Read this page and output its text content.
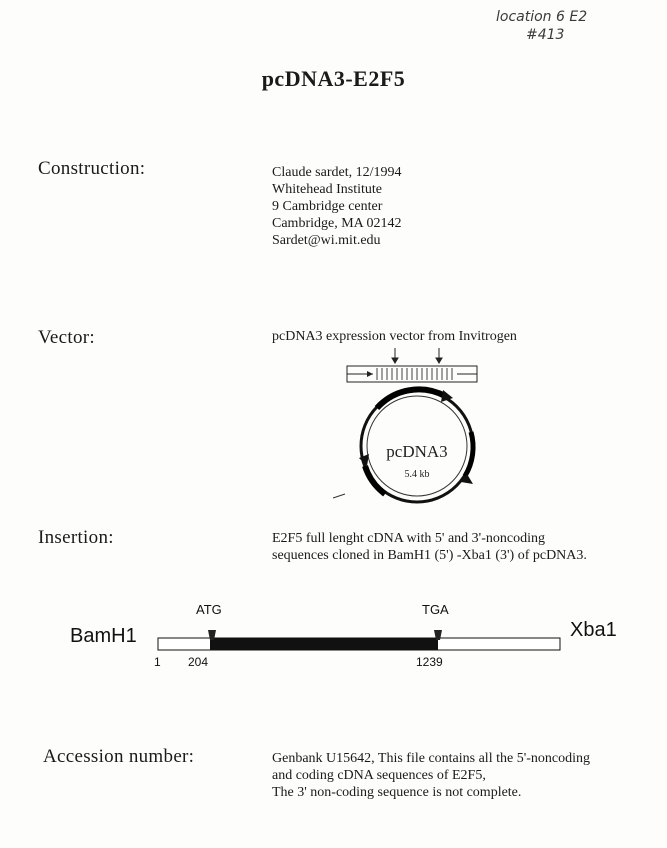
location 6 E2
#413
pcDNA3-E2F5
Construction:	Claude sardet, 12/1994
Whitehead Institute
9 Cambridge center
Cambridge, MA 02142
Sardet@wi.mit.edu
Vector:	pcDNA3 expression vector from Invitrogen
pcDNA3
5.4 kb
Insertion:	E2F5 full lenght cDNA with 5' and 3'-noncoding
sequences cloned in BamH1 (5') -Xba1 (3') of pcDNA3.
BamH1	Xba1
ATG	TGA
1 204	1239
Accession number:	Genbank U15642, This file contains all the 5'-noncoding
and coding cDNA sequences of E2F5,
The 3' non-coding sequence is not complete.
